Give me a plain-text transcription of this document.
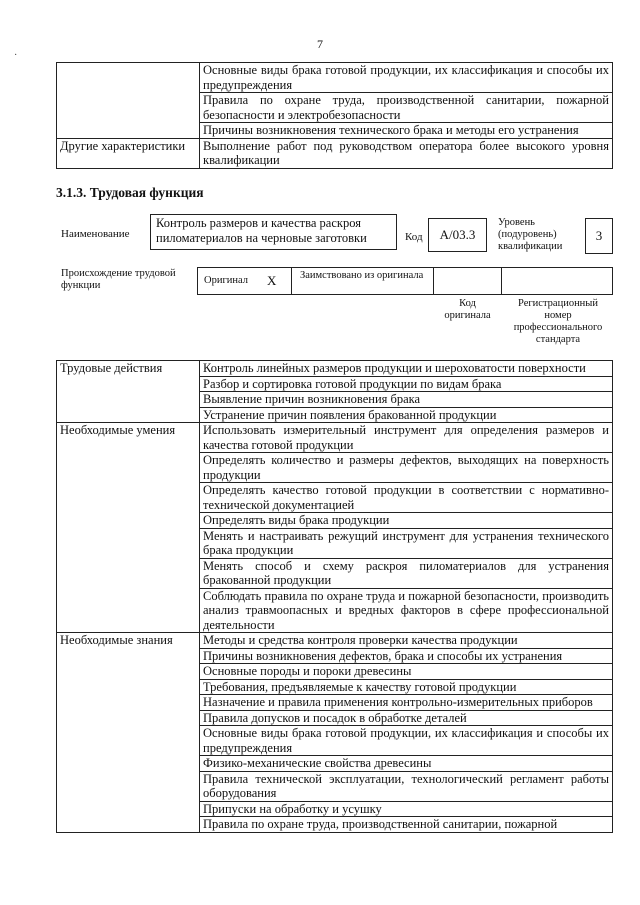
7
·
	Основные виды брака готовой продукции, их классификация и способы их предупреждения
	Правила по охране труда, производственной санитарии, пожарной безопасности и электробезопасности
	Причины возникновения технического брака и методы его устранения
Другие характеристики	Выполнение работ под руководством оператора более высокого уровня квалификации
3.1.3. Трудовая функция
Наименование
Контроль размеров и качества раскроя пиломатериалов на черновые заготовки	Код	А/03.3
Уровень (подуровень) квалификации
3
Происхождение трудовой функции	Оригинал Х Заимствовано из оригинала
Код оригинала
Регистрационный номер профессионального стандарта
Трудовые действия	Контроль линейных размеров продукции и шероховатости поверхности
	Разбор и сортировка готовой продукции по видам брака
	Выявление причин возникновения брака
	Устранение причин появления бракованной продукции
Необходимые умения	Использовать измерительный инструмент для определения размеров и качества готовой продукции
	Определять количество и размеры дефектов, выходящих на поверхность продукции
	Определять качество готовой продукции в соответствии с нормативно-технической документацией
	Определять виды брака продукции
	Менять и настраивать режущий инструмент для устранения технического брака продукции
	Менять способ и схему раскроя пиломатериалов для устранения бракованной продукции
	Соблюдать правила по охране труда и пожарной безопасности, производить анализ травмоопасных и вредных факторов в сфере профессиональной деятельности
Необходимые знания	Методы и средства контроля проверки качества продукции
	Причины возникновения дефектов, брака и способы их устранения
	Основные породы и пороки древесины
	Требования, предъявляемые к качеству готовой продукции
	Назначение и правила применения контрольно-измерительных приборов
	Правила допусков и посадок в обработке деталей
	Основные виды брака готовой продукции, их классификация и способы их предупреждения
	Физико-механические свойства древесины
	Правила технической эксплуатации, технологический регламент работы оборудования
	Припуски на обработку и усушку
	Правила по охране труда, производственной санитарии, пожарной
